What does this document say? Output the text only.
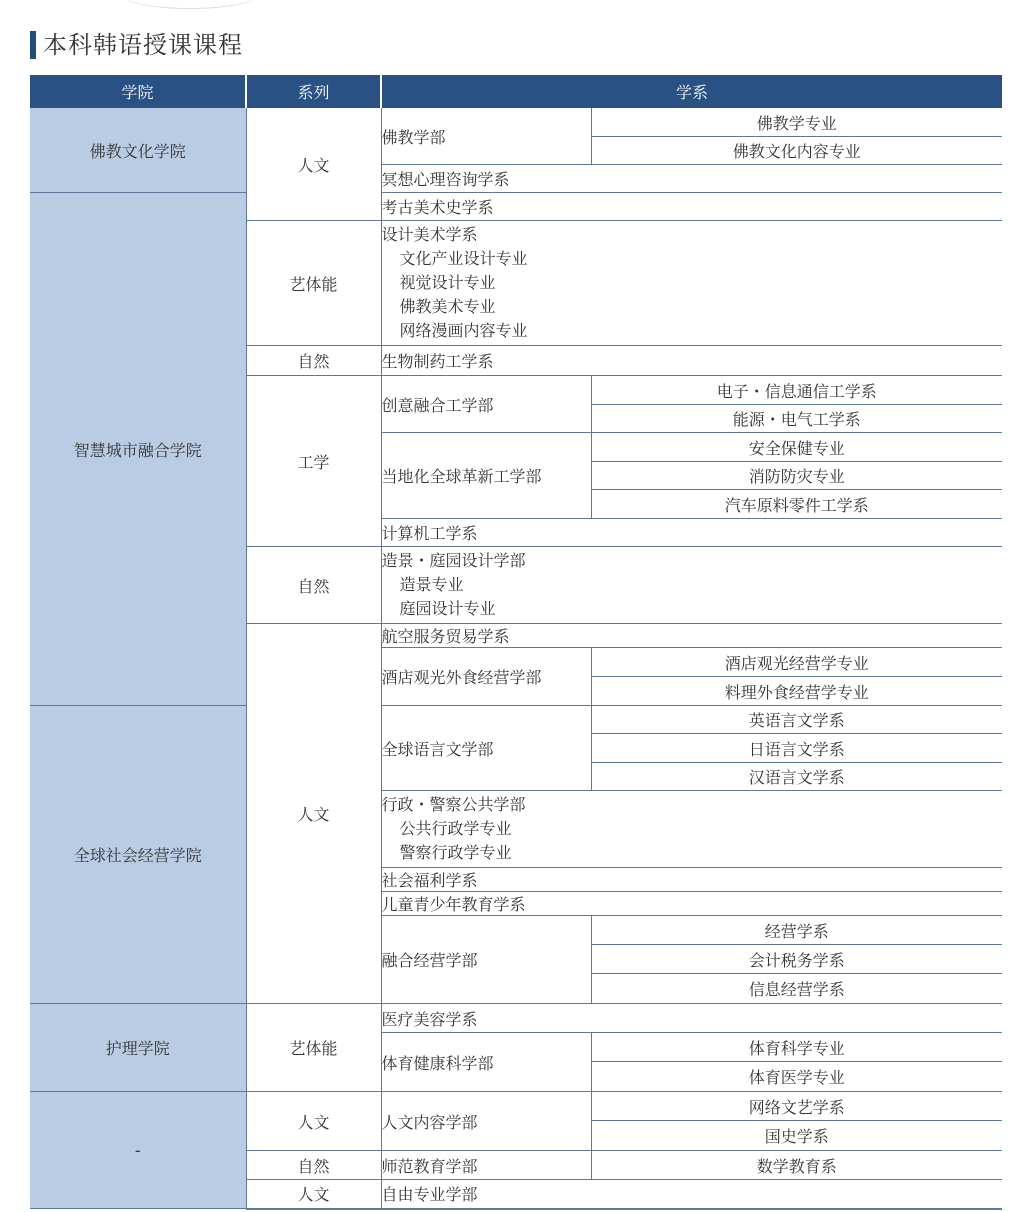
本科韩语授课课程
学院	系列	学系	
佛教文化学院	人文	佛教学部	佛教学专业
			佛教文化内容专业
		冥想心理咨询学系	
智慧城市融合学院		考古美术史学系	
	艺体能	设计美术学系
文化产业设计专业
视觉设计专业
佛教美术专业
网络漫画内容专业	

	自然	生物制药工学系	
	工学	创意融合工学部	电子・信息通信工学系
			能源・电气工学系
		当地化全球革新工学部	安全保健专业
			消防防灾专业
			汽车原料零件工学系
		计算机工学系	
	自然	造景・庭园设计学部
造景专业
庭园设计专业	

	人文	航空服务贸易学系	
		酒店观光外食经营学部	酒店观光经营学专业
			料理外食经营学专业
全球社会经营学院		全球语言文学部	英语言文学系
			日语言文学系
			汉语言文学系

		行政・警察公共学部
公共行政学专业
警察行政学专业	

		社会福利学系	
		儿童青少年教育学系	
		融合经营学部	经营学系
			会计税务学系
			信息经营学系
护理学院	艺体能	医疗美容学系	
		体育健康科学部	体育科学专业
			体育医学专业
-	人文	人文内容学部	网络文艺学系
			国史学系
	自然	师范教育学部	数学教育系
	人文	自由专业学部	
